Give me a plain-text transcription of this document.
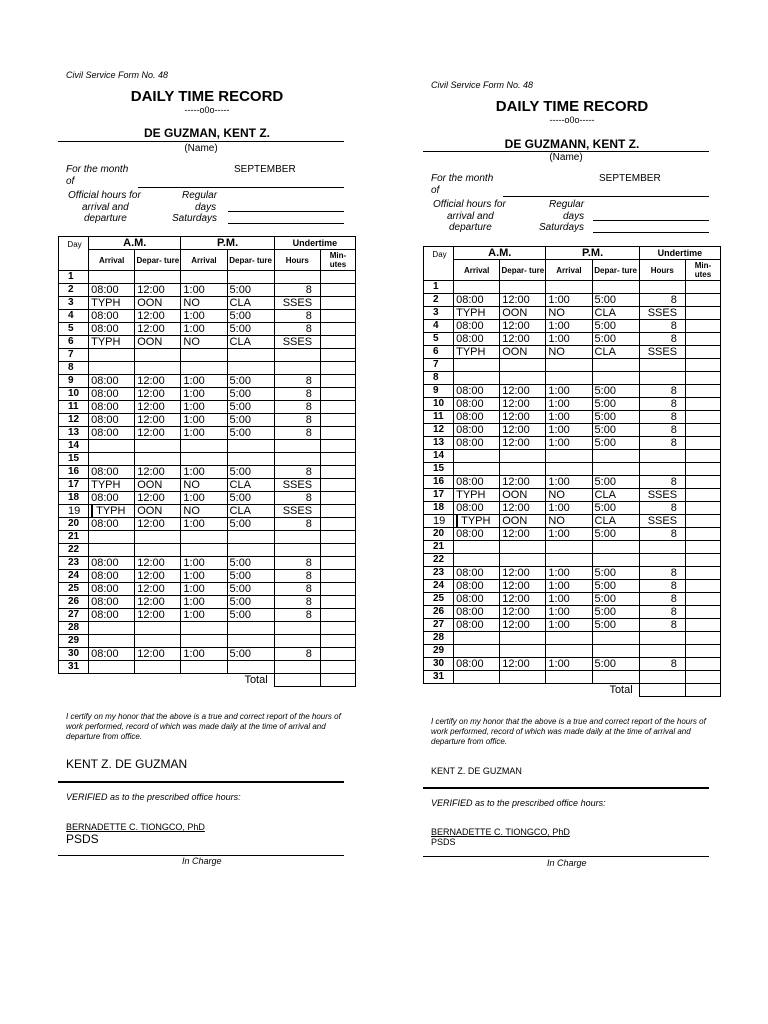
Civil Service Form No. 48
DAILY TIME RECORD
-----o0o-----
DE GUZMAN, KENT Z.
(Name)
For the month
of
SEPTEMBER
Official hours for
arrival and
departure
Regular
days
Saturdays
Day	A.M.		P.M.		Undertime	
	Arrival	Depar- ture	Arrival	Depar- ture	Hours	Min- utes
1						
2	08:00	12:00	1:00	5:00	8	
3	TYPH	OON	NO	CLA	SSES	
4	08:00	12:00	1:00	5:00	8	
5	08:00	12:00	1:00	5:00	8	
6	TYPH	OON	NO	CLA	SSES	
7						
8						
9	08:00	12:00	1:00	5:00	8	
10	08:00	12:00	1:00	5:00	8	
11	08:00	12:00	1:00	5:00	8	
12	08:00	12:00	1:00	5:00	8	
13	08:00	12:00	1:00	5:00	8	
14						
15						
16	08:00	12:00	1:00	5:00	8	
17	TYPH	OON	NO	CLA	SSES	
18	08:00	12:00	1:00	5:00	8	
19	TYPH	OON	NO	CLA	SSES	
20	08:00	12:00	1:00	5:00	8	
21						
22						
23	08:00	12:00	1:00	5:00	8	
24	08:00	12:00	1:00	5:00	8	
25	08:00	12:00	1:00	5:00	8	
26	08:00	12:00	1:00	5:00	8	
27	08:00	12:00	1:00	5:00	8	
28						
29						
30	08:00	12:00	1:00	5:00	8	
31						
Total						
I certify on my honor that the above is a true and correct report of the hours of work performed, record of which was made daily at the time of arrival and departure from office.
KENT Z. DE GUZMAN
VERIFIED as to the prescribed office hours:
BERNADETTE C. TIONGCO, PhD
PSDS
In Charge
Civil Service Form No. 48
DAILY TIME RECORD
-----o0o-----
DE GUZMANN, KENT Z.
(Name)
For the month
of
SEPTEMBER
Official hours for
arrival and
departure
Regular
days
Saturdays
Day	A.M.		P.M.		Undertime	
	Arrival	Depar- ture	Arrival	Depar- ture	Hours	Min- utes
1						
2	08:00	12:00	1:00	5:00	8	
3	TYPH	OON	NO	CLA	SSES	
4	08:00	12:00	1:00	5:00	8	
5	08:00	12:00	1:00	5:00	8	
6	TYPH	OON	NO	CLA	SSES	
7						
8						
9	08:00	12:00	1:00	5:00	8	
10	08:00	12:00	1:00	5:00	8	
11	08:00	12:00	1:00	5:00	8	
12	08:00	12:00	1:00	5:00	8	
13	08:00	12:00	1:00	5:00	8	
14						
15						
16	08:00	12:00	1:00	5:00	8	
17	TYPH	OON	NO	CLA	SSES	
18	08:00	12:00	1:00	5:00	8	
19	TYPH	OON	NO	CLA	SSES	
20	08:00	12:00	1:00	5:00	8	
21						
22						
23	08:00	12:00	1:00	5:00	8	
24	08:00	12:00	1:00	5:00	8	
25	08:00	12:00	1:00	5:00	8	
26	08:00	12:00	1:00	5:00	8	
27	08:00	12:00	1:00	5:00	8	
28						
29						
30	08:00	12:00	1:00	5:00	8	
31						
Total						
I certify on my honor that the above is a true and correct report of the hours of work performed, record of which was made daily at the time of arrival and departure from office.
KENT Z. DE GUZMAN
VERIFIED as to the prescribed office hours:
BERNADETTE C. TIONGCO, PhD
PSDS
In Charge
